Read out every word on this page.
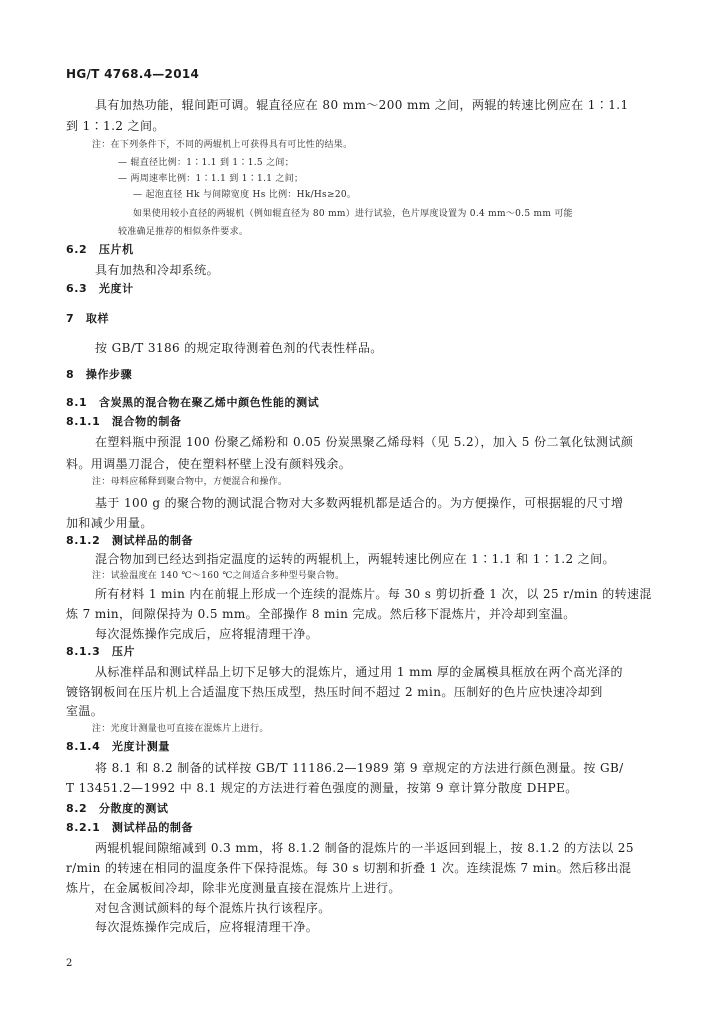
HG/T 4768.4—2014
具有加热功能，辊间距可调。辊直径应在 80 mm～200 mm 之间，两辊的转速比例应在 1∶1.1
到 1∶1.2 之间。
注：在下列条件下，不同的两辊机上可获得具有可比性的结果。
— 辊直径比例：1∶1.1 到 1∶1.5 之间；
— 两周速率比例：1∶1.1 到 1∶1.1 之间；
— 起泡直径 Hk 与间隙宽度 Hs 比例：Hk/Hs≥20。
如果使用较小直径的两辊机（例如辊直径为 80 mm）进行试验，色片厚度设置为 0.4 mm～0.5 mm 可能
较准确足推荐的相似条件要求。
6.2　压片机
具有加热和冷却系统。
6.3　光度计
7　取样
按 GB/T 3186 的规定取待测着色剂的代表性样品。
8　操作步骤
8.1　含炭黑的混合物在聚乙烯中颜色性能的测试
8.1.1　混合物的制备
在塑料瓶中预混 100 份聚乙烯粉和 0.05 份炭黑聚乙烯母料（见 5.2），加入 5 份二氧化钛测试颜
料。用调墨刀混合，使在塑料杯壁上没有颜料残余。
注：母料应稀释到聚合物中，方便混合和操作。
基于 100 g 的聚合物的测试混合物对大多数两辊机都是适合的。为方便操作，可根据辊的尺寸增
加和减少用量。
8.1.2　测试样品的制备
混合物加到已经达到指定温度的运转的两辊机上，两辊转速比例应在 1∶1.1 和 1∶1.2 之间。
注：试验温度在 140 ℃～160 ℃之间适合多种型号聚合物。
所有材料 1 min 内在前辊上形成一个连续的混炼片。每 30 s 剪切折叠 1 次，以 25 r/min 的转速混
炼 7 min，间隙保持为 0.5 mm。全部操作 8 min 完成。然后移下混炼片，并冷却到室温。
每次混炼操作完成后，应将辊清理干净。
8.1.3　压片
从标准样品和测试样品上切下足够大的混炼片，通过用 1 mm 厚的金属模具框放在两个高光泽的
镀铬钢板间在压片机上合适温度下热压成型，热压时间不超过 2 min。压制好的色片应快速冷却到
室温。
注：光度计测量也可直接在混炼片上进行。
8.1.4　光度计测量
将 8.1 和 8.2 制备的试样按 GB/T 11186.2—1989 第 9 章规定的方法进行颜色测量。按 GB/
T 13451.2—1992 中 8.1 规定的方法进行着色强度的测量，按第 9 章计算分散度 DHPE。
8.2　分散度的测试
8.2.1　测试样品的制备
两辊机辊间隙缩减到 0.3 mm，将 8.1.2 制备的混炼片的一半返回到辊上，按 8.1.2 的方法以 25
r/min 的转速在相同的温度条件下保持混炼。每 30 s 切割和折叠 1 次。连续混炼 7 min。然后移出混
炼片，在金属板间冷却，除非光度测量直接在混炼片上进行。
对包含测试颜料的每个混炼片执行该程序。
每次混炼操作完成后，应将辊清理干净。
2
